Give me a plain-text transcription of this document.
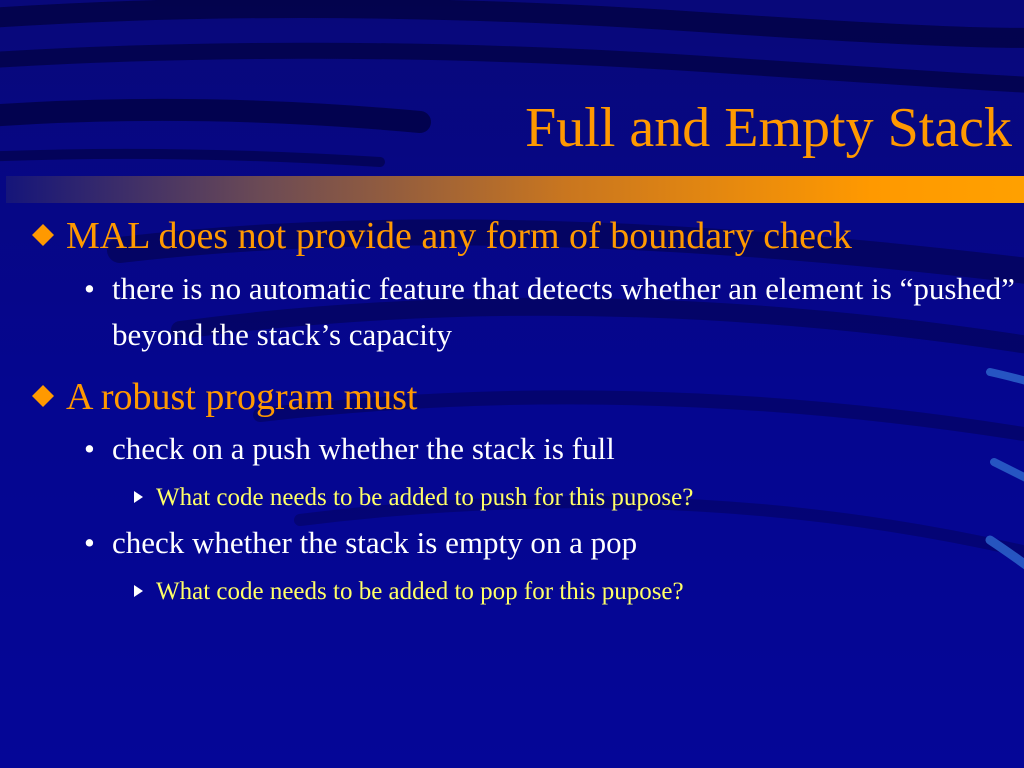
Full and Empty Stack
MAL does not provide any form of boundary check
• there is no automatic feature that detects whether an element is “pushed” beyond the stack’s capacity
A robust program must
• check on a push whether the stack is full
What code needs to be added to push for this pupose?
• check whether the stack is empty on a pop
What code needs to be added to pop for this pupose?
